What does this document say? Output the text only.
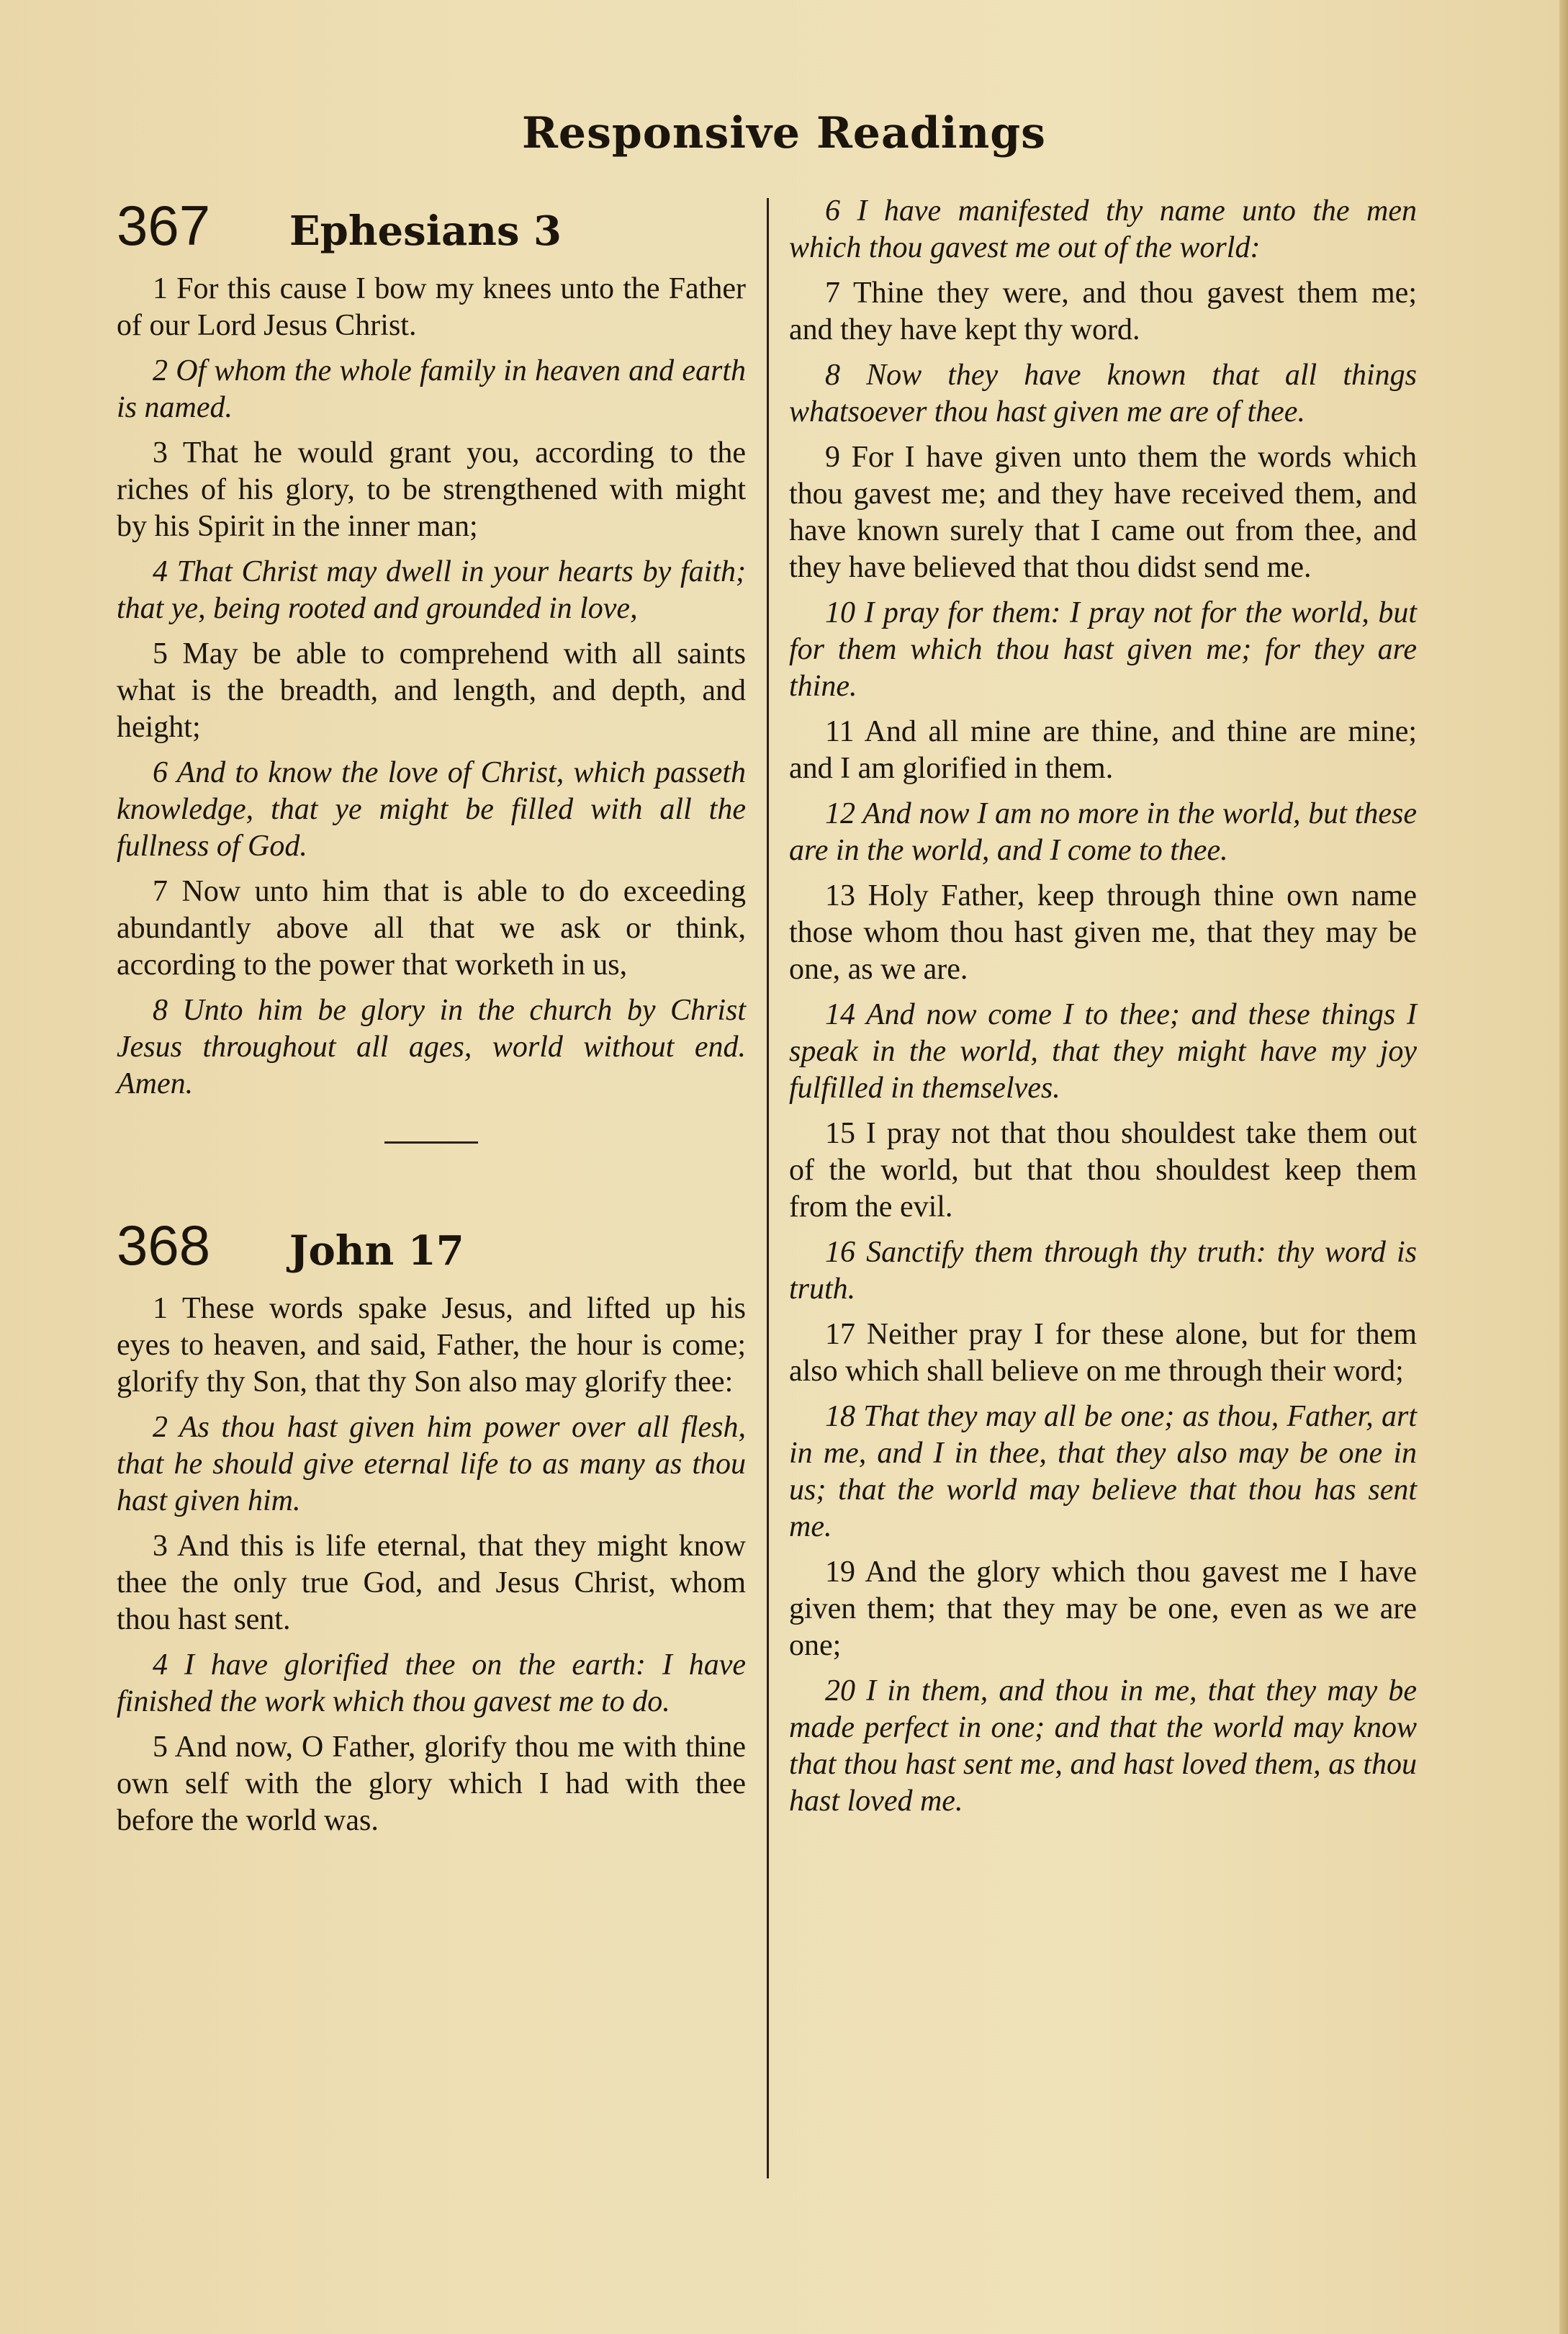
Responsive Readings
367	Ephesians 3

1 For this cause I bow my knees unto the Father of our Lord Jesus Christ.

2 Of whom the whole family in heaven and earth is named.

3 That he would grant you, according to the riches of his glory, to be strengthened with might by his Spirit in the inner man;

4 That Christ may dwell in your hearts by faith; that ye, being rooted and grounded in love,

5 May be able to comprehend with all saints what is the breadth, and length, and depth, and height;

6 And to know the love of Christ, which passeth knowledge, that ye might be filled with all the fullness of God.

7 Now unto him that is able to do exceeding abundantly above all that we ask or think, according to the power that worketh in us,

8 Unto him be glory in the church by Christ Jesus throughout all ages, world without end. Amen.

368	John 17

1 These words spake Jesus, and lifted up his eyes to heaven, and said, Father, the hour is come; glorify thy Son, that thy Son also may glorify thee:

2 As thou hast given him power over all flesh, that he should give eternal life to as many as thou hast given him.

3 And this is life eternal, that they might know thee the only true God, and Jesus Christ, whom thou hast sent.

4 I have glorified thee on the earth: I have finished the work which thou gavest me to do.

5 And now, O Father, glorify thou me with thine own self with the glory which I had with thee before the world was.

6 I have manifested thy name unto the men which thou gavest me out of the world:

7 Thine they were, and thou gavest them me; and they have kept thy word.

8 Now they have known that all things whatsoever thou hast given me are of thee.

9 For I have given unto them the words which thou gavest me; and they have received them, and have known surely that I came out from thee, and they have believed that thou didst send me.

10 I pray for them: I pray not for the world, but for them which thou hast given me; for they are thine.

11 And all mine are thine, and thine are mine; and I am glorified in them.

12 And now I am no more in the world, but these are in the world, and I come to thee.

13 Holy Father, keep through thine own name those whom thou hast given me, that they may be one, as we are.

14 And now come I to thee; and these things I speak in the world, that they might have my joy fulfilled in themselves.

15 I pray not that thou shouldest take them out of the world, but that thou shouldest keep them from the evil.

16 Sanctify them through thy truth: thy word is truth.

17 Neither pray I for these alone, but for them also which shall believe on me through their word;

18 That they may all be one; as thou, Father, art in me, and I in thee, that they also may be one in us; that the world may believe that thou has sent me.

19 And the glory which thou gavest me I have given them; that they may be one, even as we are one;

20 I in them, and thou in me, that they may be made perfect in one; and that the world may know that thou hast sent me, and hast loved them, as thou hast loved me.
